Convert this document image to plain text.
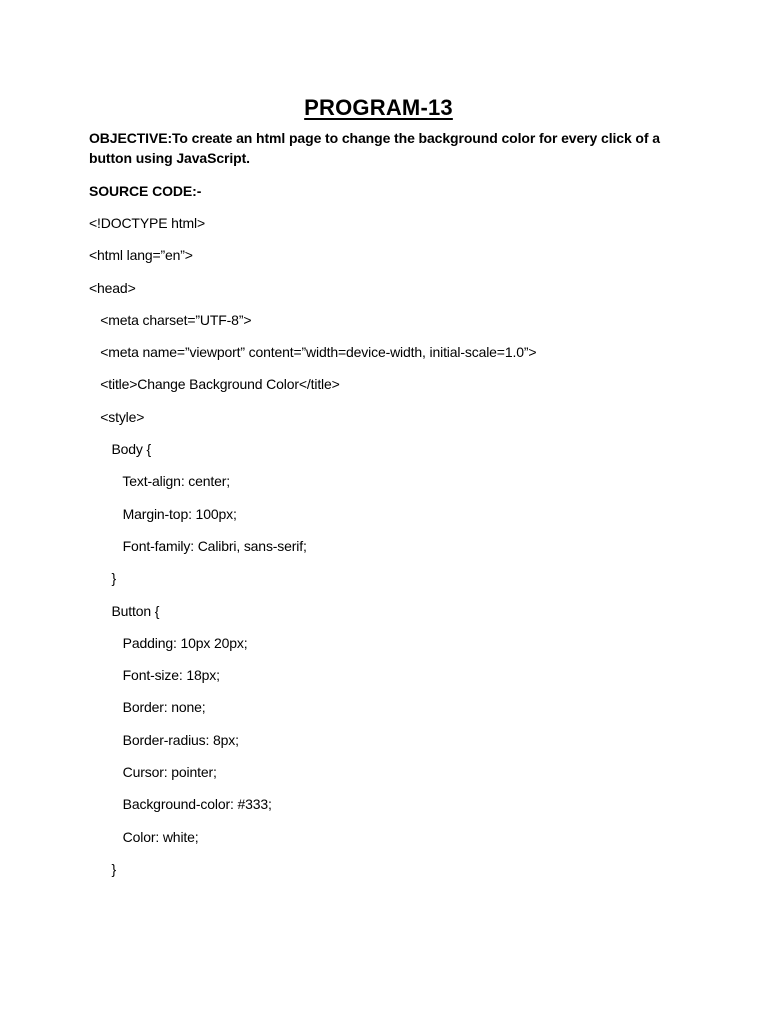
PROGRAM-13
OBJECTIVE:To create an html page to change the background color for every click of a button using JavaScript.
SOURCE CODE:-
<!DOCTYPE html>
<html lang=”en”>
<head>
<meta charset=”UTF-8”>
<meta name=”viewport” content=”width=device-width, initial-scale=1.0”>
<title>Change Background Color</title>
<style>
Body {
Text-align: center;
Margin-top: 100px;
Font-family: Calibri, sans-serif;
}
Button {
Padding: 10px 20px;
Font-size: 18px;
Border: none;
Border-radius: 8px;
Cursor: pointer;
Background-color: #333;
Color: white;
}
